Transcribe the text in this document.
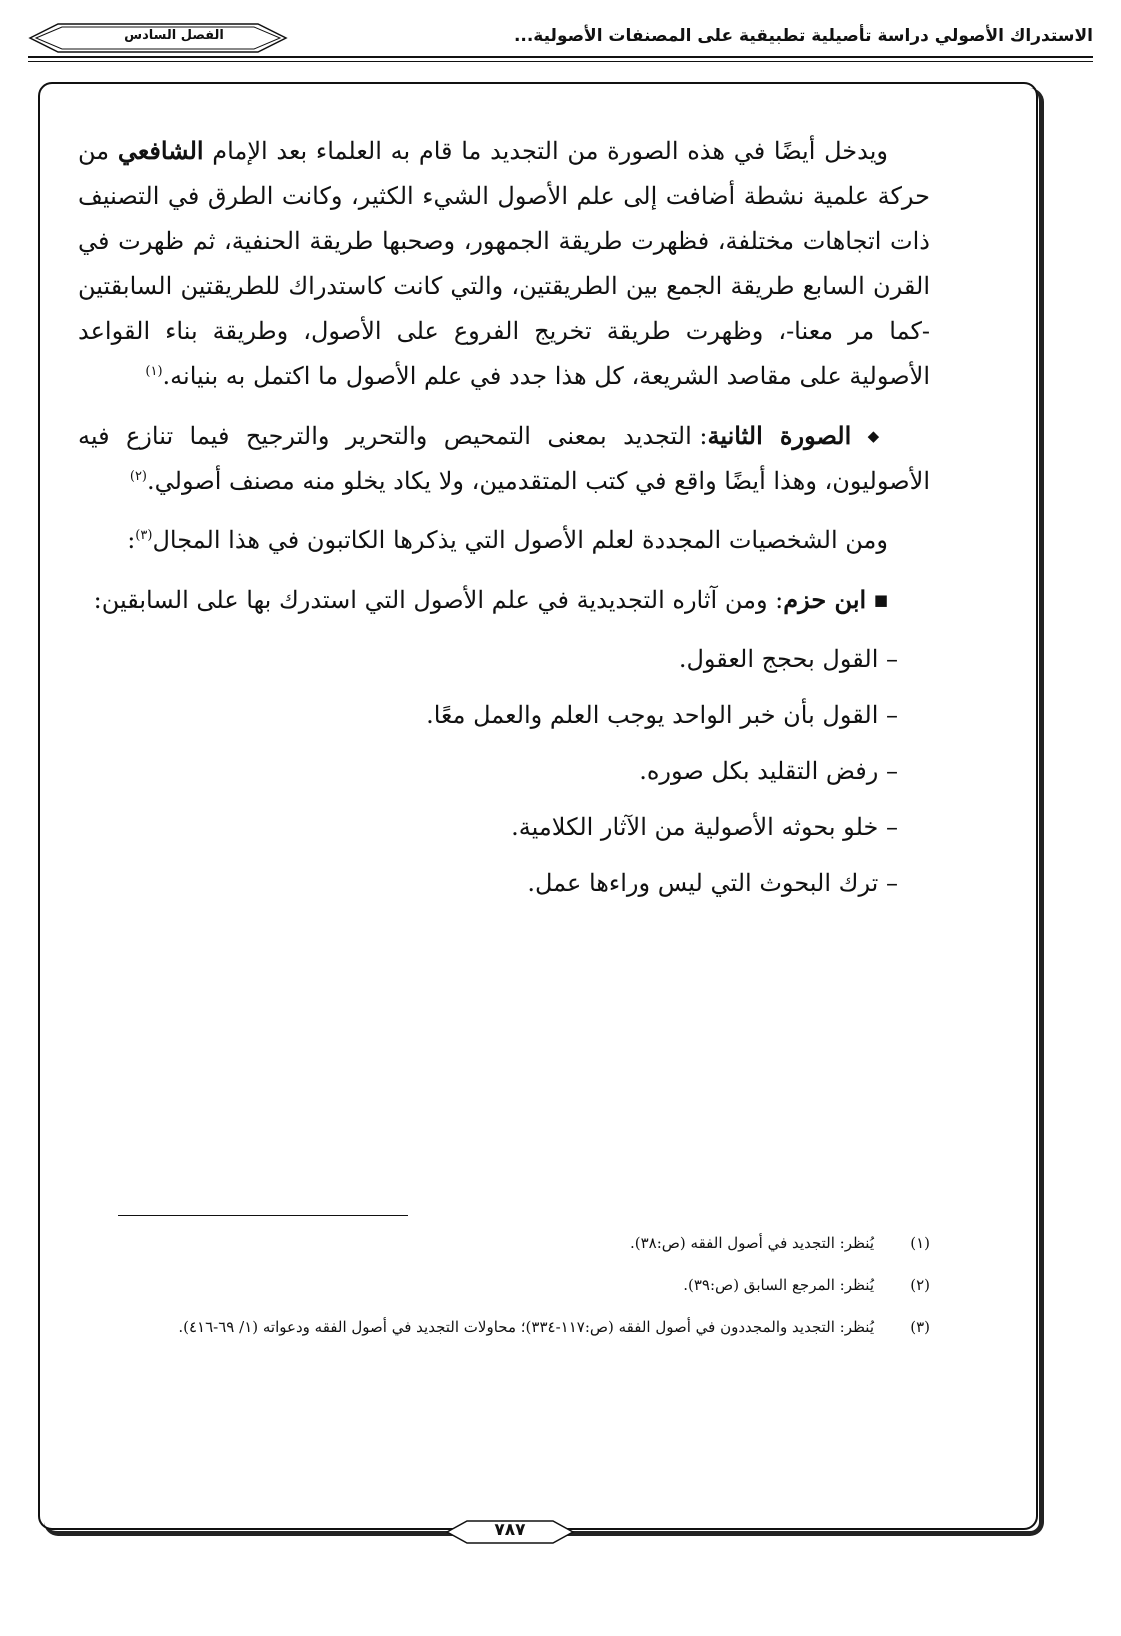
الاستدراك الأصولي دراسة تأصيلية تطبيقية على المصنفات الأصولية...
الفصل السادس

ويدخل أيضًا في هذه الصورة من التجديد ما قام به العلماء بعد الإمام الشافعي من حركة علمية نشطة أضافت إلى علم الأصول الشيء الكثير، وكانت الطرق في التصنيف ذات اتجاهات مختلفة، فظهرت طريقة الجمهور، وصحبها طريقة الحنفية، ثم ظهرت في القرن السابع طريقة الجمع بين الطريقتين، والتي كانت كاستدراك للطريقتين السابقتين -كما مر معنا-، وظهرت طريقة تخريج الفروع على الأصول، وطريقة بناء القواعد الأصولية على مقاصد الشريعة، كل هذا جدد في علم الأصول ما اكتمل به بنيانه.$^{(١)}$

◆ الصورة الثانية: التجديد بمعنى التمحيص والتحرير والترجيح فيما تنازع فيه الأصوليون، وهذا أيضًا واقع في كتب المتقدمين، ولا يكاد يخلو منه مصنف أصولي.$^{(٢)}$

ومن الشخصيات المجددة لعلم الأصول التي يذكرها الكاتبون في هذا المجال$^{(٣)}$:

■ ابن حزم: ومن آثاره التجديدية في علم الأصول التي استدرك بها على السابقين:

– القول بحجج العقول.
– القول بأن خبر الواحد يوجب العلم والعمل معًا.
– رفض التقليد بكل صوره.
– خلو بحوثه الأصولية من الآثار الكلامية.
– ترك البحوث التي ليس وراءها عمل.
(١)
يُنظر: التجديد في أصول الفقه (ص:٣٨).
(٢)
يُنظر: المرجع السابق (ص:٣٩).
(٣)
يُنظر: التجديد والمجددون في أصول الفقه (ص:١١٧-٣٣٤)؛ محاولات التجديد في أصول الفقه ودعواته (١/ ٦٩-٤١٦).
٧٨٧
